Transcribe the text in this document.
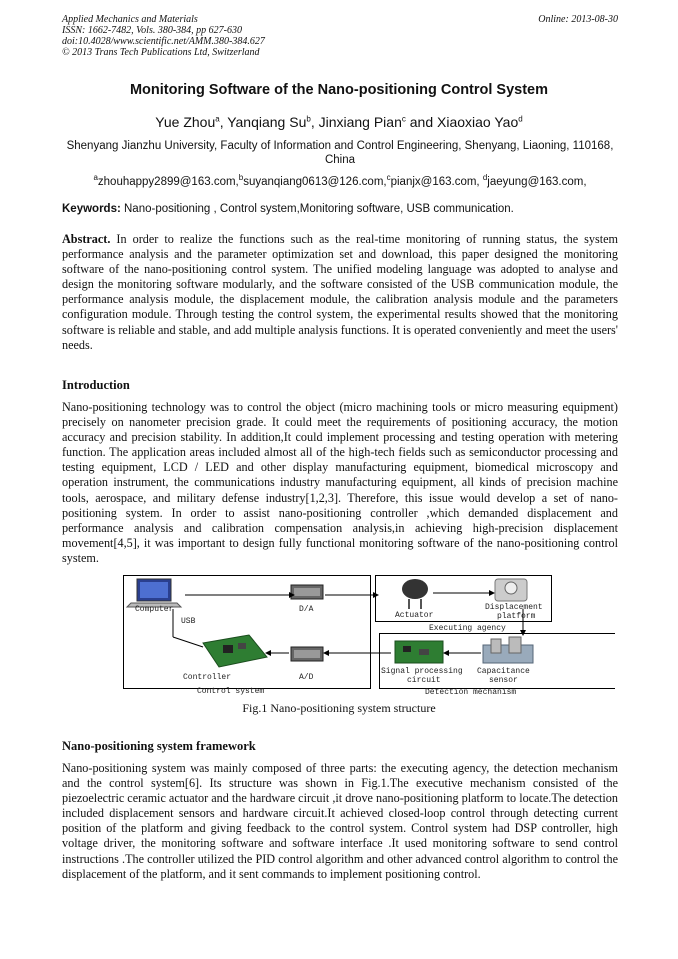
Applied Mechanics and Materials
ISSN: 1662-7482, Vols. 380-384, pp 627-630
doi:10.4028/www.scientific.net/AMM.380-384.627
© 2013 Trans Tech Publications Ltd, Switzerland
Online: 2013-08-30
Monitoring Software of the Nano-positioning Control System
Yue Zhou$^a$, Yanqiang Su$^b$, Jinxiang Pian$^c$ and Xiaoxiao Yao$^d$
Shenyang Jianzhu University, Faculty of Information and Control Engineering, Shenyang, Liaoning, 110168, China
$^a$zhouhappy2899@163.com,$^b$suyanqiang0613@126.com,$^c$pianjx@163.com, $^d$jaeyung@163.com,
Keywords: Nano-positioning , Control system,Monitoring software, USB communication.
Abstract. In order to realize the functions such as the real-time monitoring of running status, the system performance analysis and the parameter optimization set and download, this paper designed the monitoring software of the nano-positioning control system. The unified modeling language was adopted to analyse and design the monitoring software modularly, and the software consisted of the USB communication module, the performance analysis module, the displacement module, the calibration analysis module and the parameters configuration module. Through testing the control system, the experimental results showed that the monitoring software is reliable and stable, and add multiple analysis functions. It is operated conveniently and meet the users' needs.
Introduction
Nano-positioning technology was to control the object (micro machining tools or micro measuring equipment) precisely on nanometer precision grade. It could meet the requirements of positioning accuracy, the motion accuracy and precision stability. In addition,It could implement processing and testing operation with metering function. The application areas included almost all of the high-tech fields such as semiconductor processing and testing equipment, LCD / LED and other display manufacturing equipment, biomedical microscopy and operation instrument, the communications industry manufacturing equipment, all kinds of precision machine tools, aerospace, and military defense industry[1,2,3]. Therefore, this issue would develop a set of nano-positioning system. In order to assist nano-positioning controller ,which demanded displacement and performance analysis and calibration compensation analysis,in achieving high-precision displacement movement[4,5], it was important to design fully functional monitoring software of the nano-positioning control system.
Computer
USB
D/A
Actuator
Displacement
platform
Executing agency
Controller	A/D
Signal processing
circuit
Capacitance
sensor
Control system	Detection mechanism
Fig.1 Nano-positioning system structure
Nano-positioning system framework
Nano-positioning system was mainly composed of three parts: the executing agency, the detection mechanism and the control system[6]. Its structure was shown in Fig.1.The executive mechanism consisted of the piezoelectric ceramic actuator and the hardware circuit ,it drove nano-positioning platform to locate.The detection included displacement sensors and hardware circuit.It achieved closed-loop control through detecting current position of the platform and giving feedback to the control system. Control system had DSP controller, high voltage driver, the monitoring software and software interface .It used monitoring software to send control instructions .The controller utilized the PID control algorithm and other advanced control algorithm to control the displacement of the platform, and it sent commands to implement positioning control.
